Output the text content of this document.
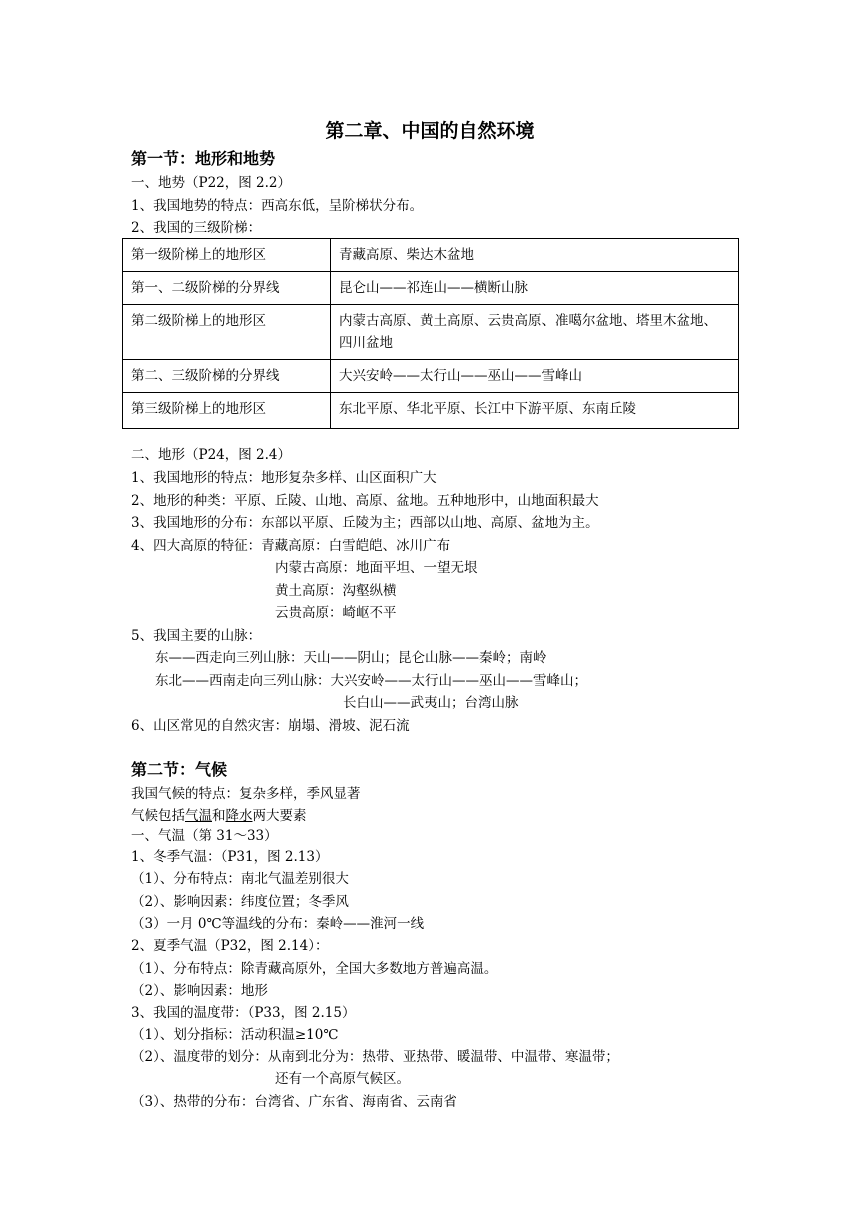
第二章、中国的自然环境
第一节：地形和地势
一、地势（P22，图 2.2）
1、我国地势的特点：西高东低，呈阶梯状分布。
2、我国的三级阶梯：
第一级阶梯上的地形区	青藏高原、柴达木盆地
第一、二级阶梯的分界线	昆仑山——祁连山——横断山脉
第二级阶梯上的地形区	内蒙古高原、黄土高原、云贵高原、准噶尔盆地、塔里木盆地、四川盆地
第二、三级阶梯的分界线	大兴安岭——太行山——巫山——雪峰山
第三级阶梯上的地形区	东北平原、华北平原、长江中下游平原、东南丘陵
二、地形（P24，图 2.4）
1、我国地形的特点：地形复杂多样、山区面积广大
2、地形的种类：平原、丘陵、山地、高原、盆地。五种地形中，山地面积最大
3、我国地形的分布：东部以平原、丘陵为主；西部以山地、高原、盆地为主。
4、四大高原的特征：青藏高原：白雪皑皑、冰川广布
内蒙古高原：地面平坦、一望无垠
黄土高原：沟壑纵横
云贵高原：崎岖不平
5、我国主要的山脉：
东——西走向三列山脉：天山——阴山；昆仑山脉——秦岭；南岭
东北——西南走向三列山脉：大兴安岭——太行山——巫山——雪峰山；
长白山——武夷山；台湾山脉
6、山区常见的自然灾害：崩塌、滑坡、泥石流
第二节：气候
我国气候的特点：复杂多样，季风显著
气候包括气温和降水两大要素
一、气温（第 31～33）
1、冬季气温：（P31，图 2.13）
（1）、分布特点：南北气温差别很大
（2）、影响因素：纬度位置；冬季风
（3）一月 0℃等温线的分布：秦岭——淮河一线
2、夏季气温（P32，图 2.14）：
（1）、分布特点：除青藏高原外，全国大多数地方普遍高温。
（2）、影响因素：地形
3、我国的温度带：（P33，图 2.15）
（1）、划分指标：活动积温≥10℃
（2）、温度带的划分：从南到北分为：热带、亚热带、暖温带、中温带、寒温带；
还有一个高原气候区。
（3）、热带的分布：台湾省、广东省、海南省、云南省
